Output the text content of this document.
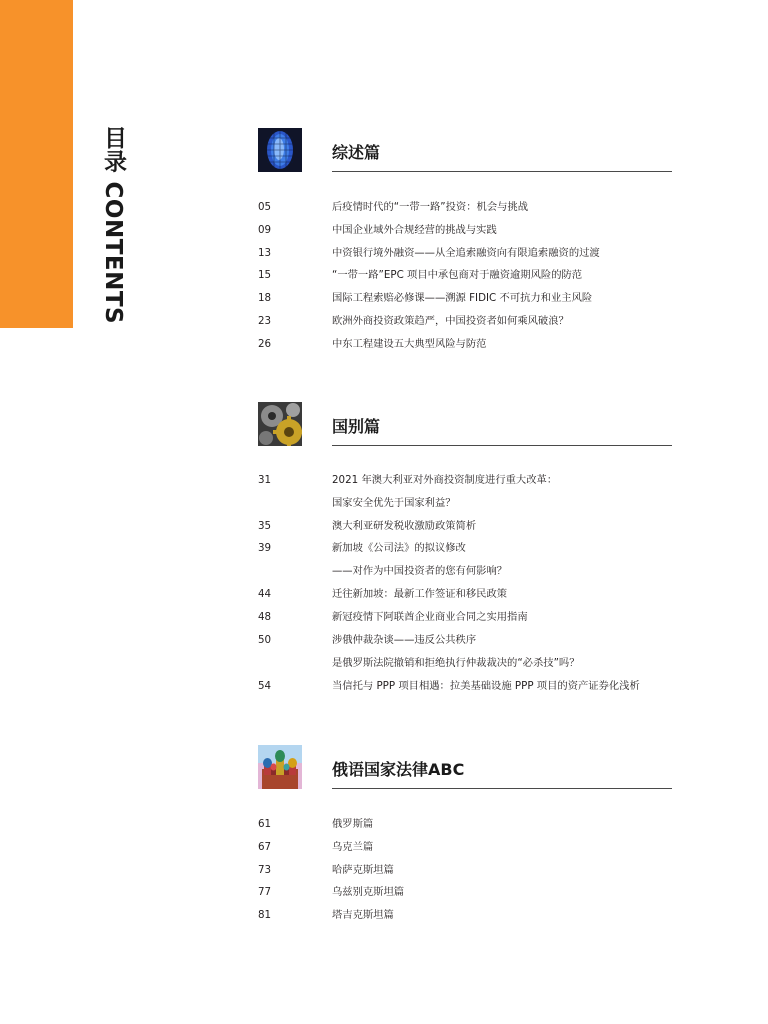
目录 CONTENTS	综述篇
05	后疫情时代的“一带一路”投资：机会与挑战
09	中国企业域外合规经营的挑战与实践
13	中资银行境外融资——从全追索融资向有限追索融资的过渡
15	“一带一路”EPC 项目中承包商对于融资逾期风险的防范
18	国际工程索赔必修课——溯源 FIDIC 不可抗力和业主风险
23	欧洲外商投资政策趋严，中国投资者如何乘风破浪？
26	中东工程建设五大典型风险与防范
国别篇
31	2021 年澳大利亚对外商投资制度进行重大改革：
国家安全优先于国家利益？
35	澳大利亚研发税收激励政策简析
39	新加坡《公司法》的拟议修改
——对作为中国投资者的您有何影响？
44	迁往新加坡：最新工作签证和移民政策
48	新冠疫情下阿联酋企业商业合同之实用指南
50	涉俄仲裁杂谈——违反公共秩序
是俄罗斯法院撤销和拒绝执行仲裁裁决的“必杀技”吗？
54	当信托与 PPP 项目相遇：拉美基础设施 PPP 项目的资产证券化浅析
俄语国家法律ABC
61	俄罗斯篇
67	乌克兰篇
73	哈萨克斯坦篇
77	乌兹别克斯坦篇
81	塔吉克斯坦篇
